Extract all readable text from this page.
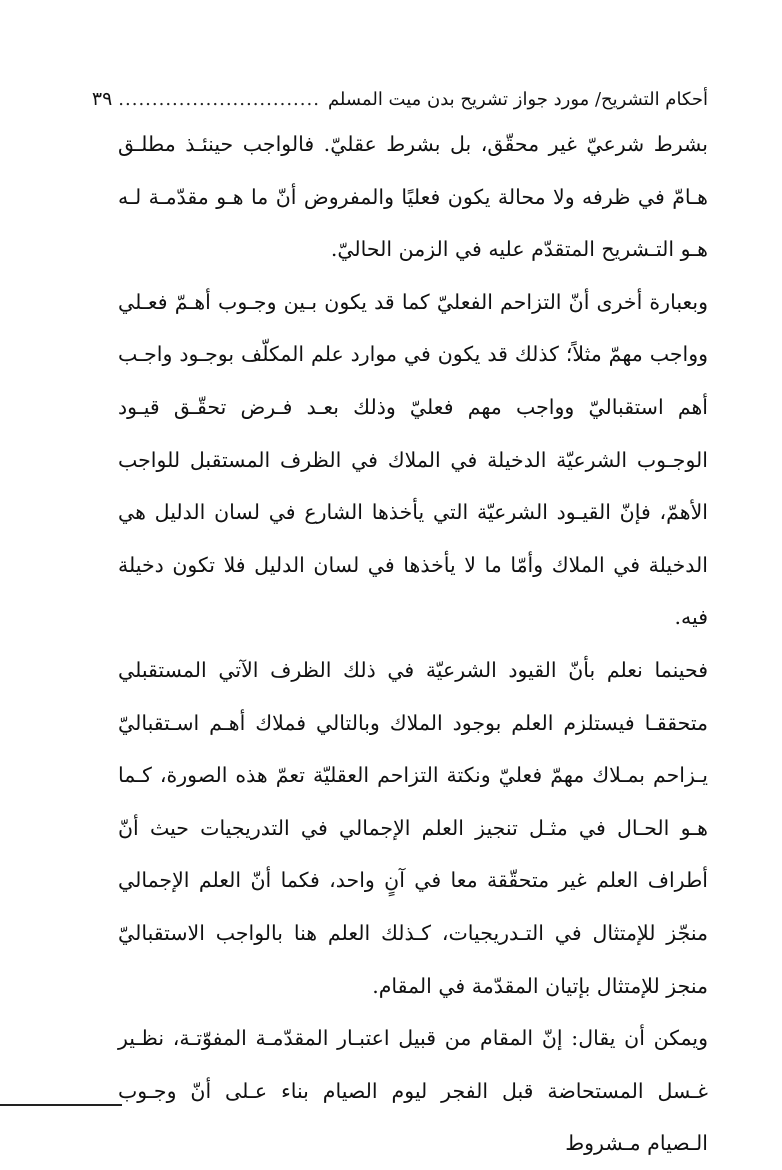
أحكام التشريح/ مورد جواز تشريح بدن ميت المسلم
..............................
٣٩

بشرط شرعيّ غير محقّق، بل بشرط عقليّ. فالواجب حينئـذ مطلـق هـامّ في ظرفه ولا محالة يكون فعليًا والمفروض أنّ ما هـو مقدّمـة لـه هـو التـشريح المتقدّم عليه في الزمن الحاليّ.

وبعبارة أخرى أنّ التزاحم الفعليّ كما قد يكون بـين وجـوب أهـمّ فعـلي وواجب مهمّ مثلاً؛ كذلك قد يكون في موارد علم المكلّف بوجـود واجـب أهم استقباليّ وواجب مهم فعليّ وذلك بعـد فـرض تحقّـق قيـود الوجـوب الشرعيّة الدخيلة في الملاك في الظرف المستقبل للواجب الأهمّ، فإنّ القيـود الشرعيّة التي يأخذها الشارع في لسان الدليل هي الدخيلة في الملاك وأمّا ما لا يأخذها في لسان الدليل فلا تكون دخيلة فيه.

فحينما نعلم بأنّ القيود الشرعيّة في ذلك الظرف الآتي المستقبلي متحققـا فيستلزم العلم بوجود الملاك وبالتالي فملاك أهـم اسـتقباليّ يـزاحم بمـلاك مهمّ فعليّ ونكتة التزاحم العقليّة تعمّ هذه الصورة، كـما هـو الحـال في مثـل تنجيز العلم الإجمالي في التدريجيات حيث أنّ أطراف العلم غير متحقّقة معا في آنٍ واحد، فكما أنّ العلم الإجمالي منجّز للإمتثال في التـدريجيات، كـذلك العلم هنا بالواجب الاستقباليّ منجز للإمتثال بإتيان المقدّمة في المقام.

ويمكن أن يقال: إنّ المقام من قبيل اعتبـار المقدّمـة المفوّتـة، نظـير غـسل المستحاضة قبل الفجر ليوم الصيام بناء عـلى أنّ وجـوب الـصيام مـشروط
